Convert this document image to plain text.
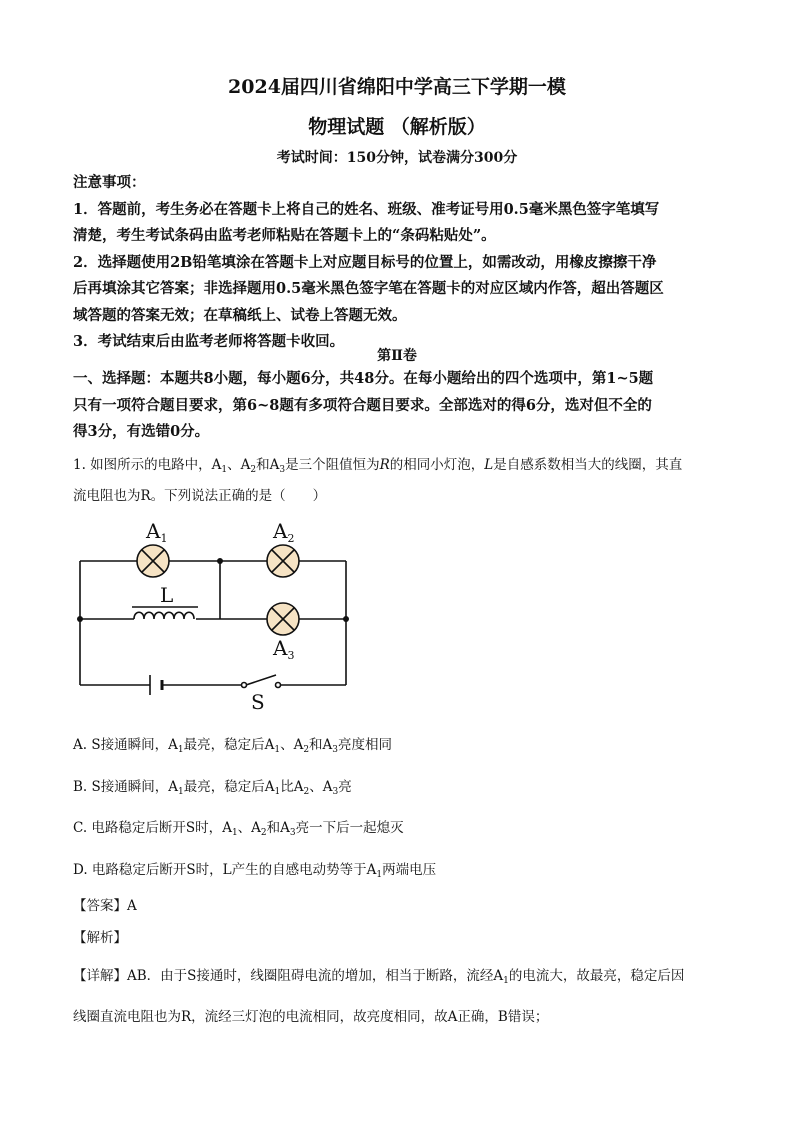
2024届四川省绵阳中学高三下学期一模
物理试题 （解析版）
考试时间：150分钟，试卷满分300分
注意事项：
1．答题前，考生务必在答题卡上将自己的姓名、班级、准考证号用0.5毫米黑色签字笔填写
清楚，考生考试条码由监考老师粘贴在答题卡上的“条码粘贴处”。
2．选择题使用2B铅笔填涂在答题卡上对应题目标号的位置上，如需改动，用橡皮擦擦干净
后再填涂其它答案；非选择题用0.5毫米黑色签字笔在答题卡的对应区域内作答，超出答题区
域答题的答案无效；在草稿纸上、试卷上答题无效。
3．考试结束后由监考老师将答题卡收回。
第Ⅱ卷
一、选择题：本题共8小题，每小题6分，共48分。在每小题给出的四个选项中，第1~5题
只有一项符合题目要求，第6~8题有多项符合题目要求。全部选对的得6分，选对但不全的
得3分，有选错0分。
1. 如图所示的电路中，$A_1$、$A_2$和$A_3$是三个阻值恒为R的相同小灯泡，L是自感系数相当大的线圈，其直
流电阻也为R。下列说法正确的是（　　）
$A_1$	$A_2$
$A_3$
L
S
A. S接通瞬间，$A_1$最亮，稳定后$A_1$、$A_2$和$A_3$亮度相同
B. S接通瞬间，$A_1$最亮，稳定后$A_1$比$A_2$、$A_3$亮
C. 电路稳定后断开S时，$A_1$、$A_2$和$A_3$亮一下后一起熄灭
D. 电路稳定后断开S时，L产生的自感电动势等于$A_1$两端电压
【答案】A
【解析】
【详解】AB．由于S接通时，线圈阻碍电流的增加，相当于断路，流经$A_1$的电流大，故最亮，稳定后因
线圈直流电阻也为R，流经三灯泡的电流相同，故亮度相同，故A正确，B错误；
